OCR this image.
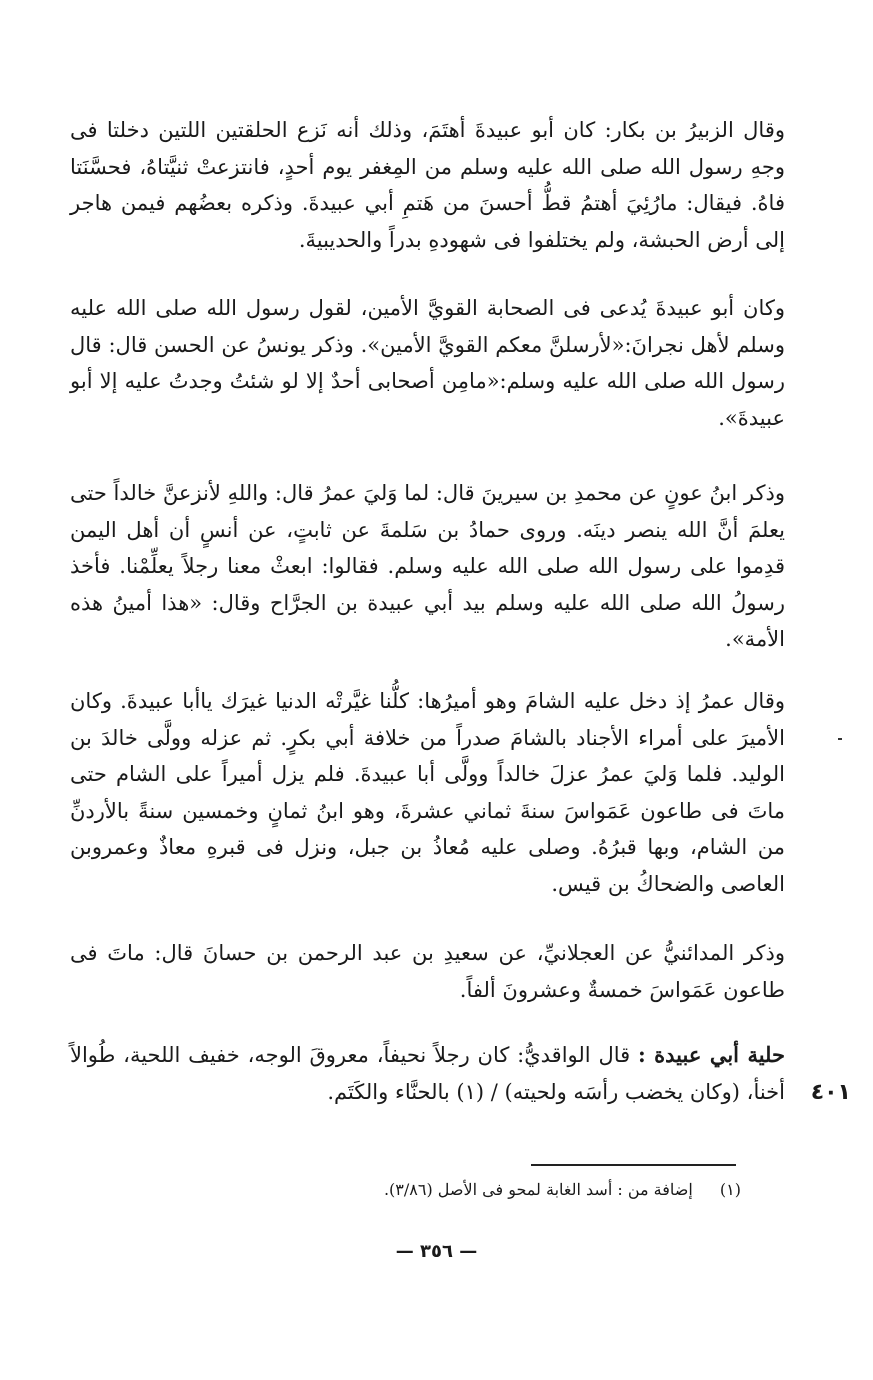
وقال الزبيرُ بن بكار: كان أبو عبيدةَ أهتَمَ، وذلك أنه نَزع الحلقتين اللتين دخلتا فى وجهِ رسول الله صلى الله عليه وسلم من المِغفر يوم أحدٍ، فانتزعتْ ثنيَّتاهُ، فحسَّنَتا فاهُ. فيقال: مارُئِيَ أهتمُ قطُّ أحسنَ من هَتمِ أبي عبيدةَ. وذكره بعضُهم فيمن هاجر إلى أرض الحبشة، ولم يختلفوا فى شهودهِ بدراً والحديبيةَ.

وكان أبو عبيدةَ يُدعى فى الصحابة القويَّ الأمين، لقول رسول الله صلى الله عليه وسلم لأهل نجرانَ:«لأرسلنَّ معكم القويَّ الأمين». وذكر يونسُ عن الحسن قال: قال رسول الله صلى الله عليه وسلم:«مامِن أصحابى أحدٌ إلا لو شئتُ وجدتُ عليه إلا أبو عبيدةَ».

وذكر ابنُ عونٍ عن محمدِ بن سيرينَ قال: لما وَليَ عمرُ قال: واللهِ لأنزعنَّ خالداً حتى يعلمَ أنَّ الله ينصر دينَه. وروى حمادُ بن سَلمةَ عن ثابتٍ، عن أنسٍ أن أهل اليمن قدِموا على رسول الله صلى الله عليه وسلم. فقالوا: ابعثْ معنا رجلاً يعلِّمْنا. فأخذ رسولُ الله صلى الله عليه وسلم بيد أبي عبيدة بن الجرَّاح وقال: «هذا أمينُ هذه الأمة».

وقال عمرُ إذ دخل عليه الشامَ وهو أميرُها: كلُّنا غيَّرتْه الدنيا غيرَك ياأبا عبيدةَ. وكان الأميرَ على أمراء الأجناد بالشامَ صدراً من خلافة أبي بكرٍ. ثم عزله وولَّى خالدَ بن الوليد. فلما وَليَ عمرُ عزلَ خالداً وولَّى أبا عبيدةَ. فلم يزل أميراً على الشام حتى ماتَ فى طاعون عَمَواسَ سنةَ ثماني عشرةَ، وهو ابنُ ثمانٍ وخمسين سنةً بالأردنِّ من الشام، وبها قبرُهُ. وصلى عليه مُعاذُ بن جبل، ونزل فى قبرهِ معاذٌ وعمروبن العاصى والضحاكُ بن قيس.

وذكر المدائنيُّ عن العجلانيِّ، عن سعيدِ بن عبد الرحمن بن حسانَ قال: ماتَ فى طاعون عَمَواسَ خمسةٌ وعشرونَ ألفاً.

حلية أبي عبيدة : قال الواقديُّ: كان رجلاً نحيفاً، معروقَ الوجه، خفيف اللحية، طُوالاً أخنأ، (وكان يخضب رأسَه ولحيته) / (١) بالحنَّاء والكَتَم. ٤٠١
(١) إضافة من : أسد الغابة لمحو فى الأصل (٣/٨٦).
— ٣٥٦ —
